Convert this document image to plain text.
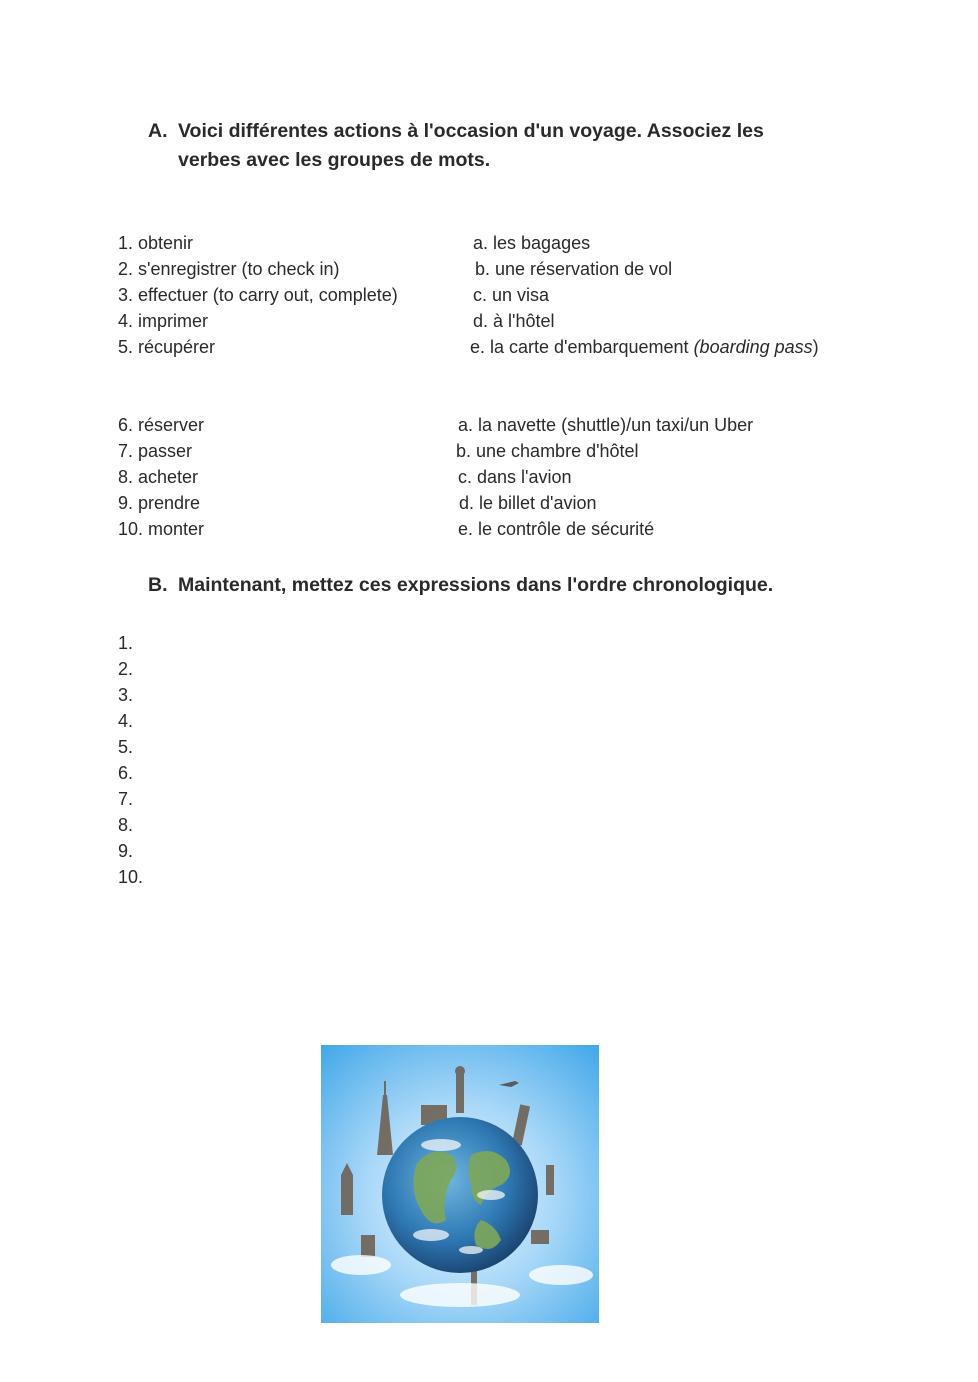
A. Voici différentes actions à l'occasion d'un voyage. Associez les
verbes avec les groupes de mots.
1. obtenir
2. s'enregistrer (to check in)
3. effectuer (to carry out, complete)
4. imprimer
5. récupérer
a. les bagages
b. une réservation de vol
c. un visa
d. à l'hôtel
e. la carte d'embarquement (boarding pass)
6. réserver
7. passer
8. acheter
9. prendre
10. monter
a. la navette (shuttle)/un taxi/un Uber
b. une chambre d'hôtel
c. dans l'avion
d. le billet d'avion
e. le contrôle de sécurité
B. Maintenant, mettez ces expressions dans l'ordre chronologique.
1.
2.
3.
4.
5.
6.
7.
8.
9.
10.
